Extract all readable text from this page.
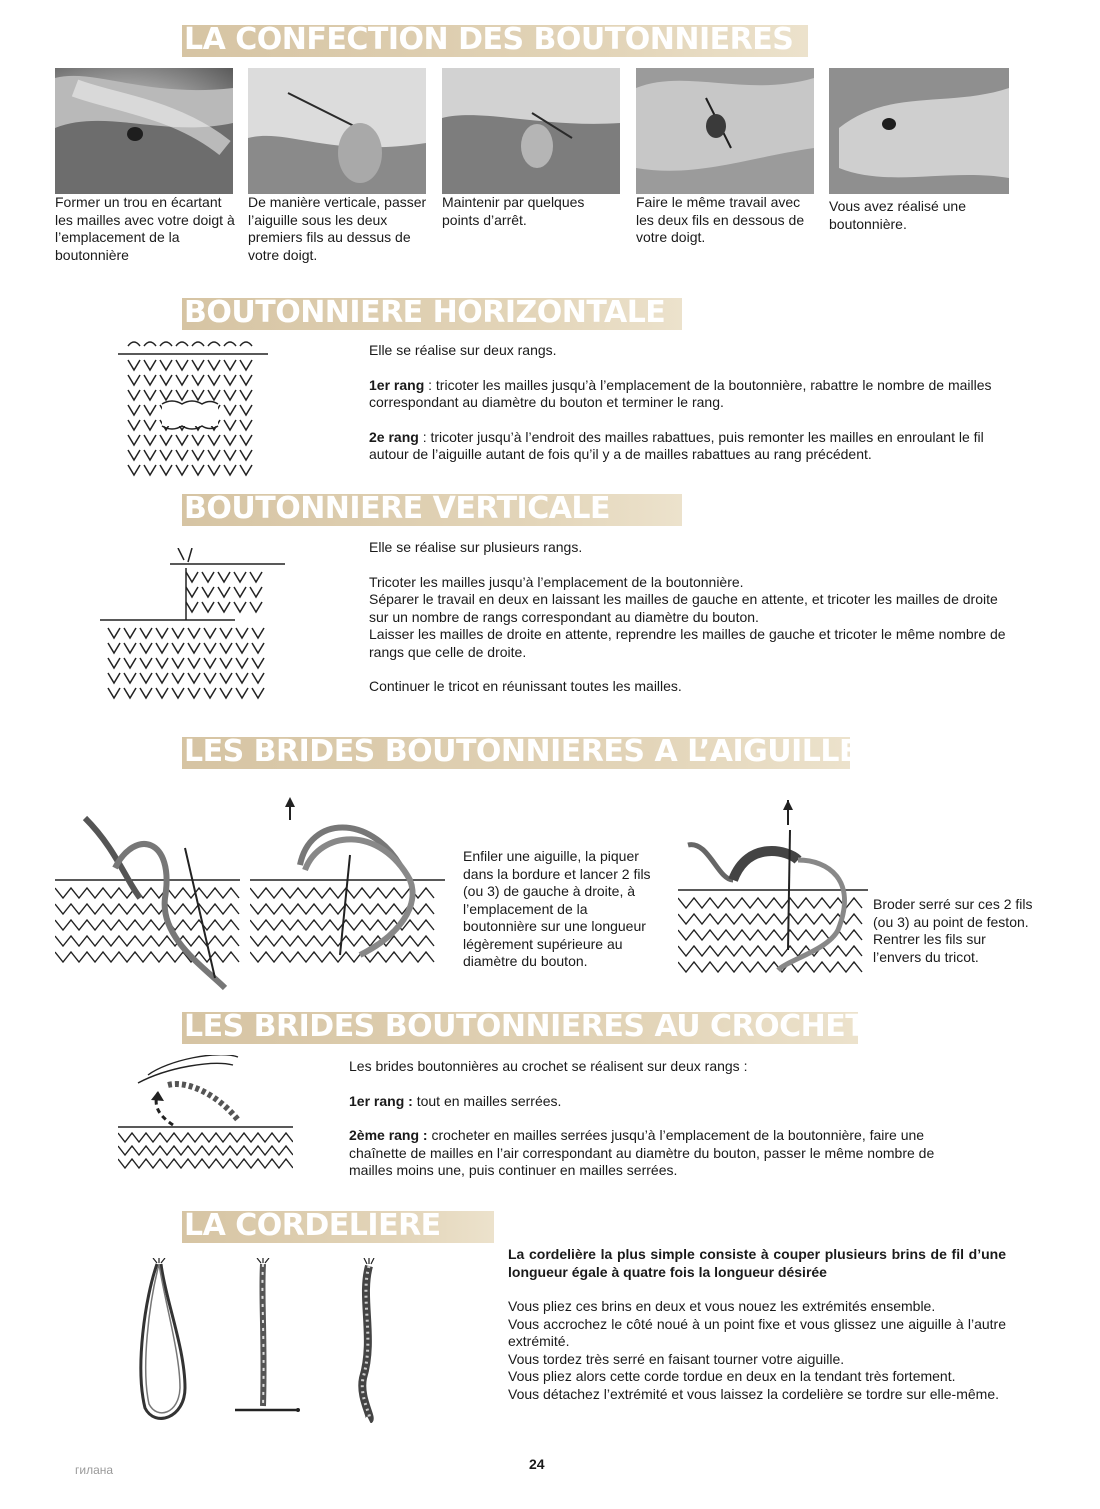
LA CONFECTION DES BOUTONNIÈRES
Former un trou en écartant les mailles avec votre doigt à l’emplacement de la boutonnière
De manière verticale, passer l’aiguille sous les deux premiers fils au dessus de votre doigt.
Maintenir par quelques points d’arrêt.
Faire le même travail avec les deux fils en dessous de votre doigt.
Vous avez réalisé une boutonnière.
BOUTONNIERE HORIZONTALE

Elle se réalise sur deux rangs.

1er rang : tricoter les mailles jusqu’à l’emplacement de la boutonnière, rabattre le nombre de mailles correspondant au diamètre du bouton et terminer le rang.

2e rang : tricoter jusqu’à l’endroit des mailles rabattues, puis remonter les mailles en enroulant le fil autour de l’aiguille autant de fois qu’il y a de mailles rabattues au rang précédent.

BOUTONNIERE VERTICALE

Elle se réalise sur plusieurs rangs.

Tricoter les mailles jusqu’à l’emplacement de la boutonnière.

Séparer le travail en deux en laissant les mailles de gauche en attente, et tricoter les mailles de droite sur un nombre de rangs correspondant au diamètre du bouton.

Laisser les mailles de droite en attente, reprendre les mailles de gauche et tricoter le même nombre de rangs que celle de droite.

Continuer le tricot en réunissant toutes les mailles.

LES BRIDES BOUTONNIÈRES À L’AIGUILLE
Enfiler une aiguille, la piquer dans la bordure et lancer 2 fils (ou 3) de gauche à droite, à l’emplacement de la boutonnière sur une longueur légèrement supérieure au diamètre du bouton.
Broder serré sur ces 2 fils (ou 3) au point de feston. Rentrer les fils sur l’envers du tricot.
LES BRIDES BOUTONNIÈRES AU CROCHET

Les brides boutonnières au crochet se réalisent sur deux rangs :

1er rang : tout en mailles serrées.

2ème rang : crocheter en mailles serrées jusqu’à l’emplacement de la boutonnière, faire une chaînette de mailles en l’air correspondant au diamètre du bouton, passer le même nombre de mailles moins une, puis continuer en mailles serrées.

LA CORDELIERE

La cordelière la plus simple consiste à couper plusieurs brins de fil d’une longueur égale à quatre fois la longueur désirée

Vous pliez ces brins en deux et vous nouez les extrémités ensemble.

Vous accrochez le côté noué à un point fixe et vous glissez une aiguille à l’autre extrémité.

Vous tordez très serré en faisant tourner votre aiguille.

Vous pliez alors cette corde tordue en deux en la tendant très fortement.

Vous détachez l’extrémité et vous laissez la cordelière se tordre sur elle-même.

гилана	24
